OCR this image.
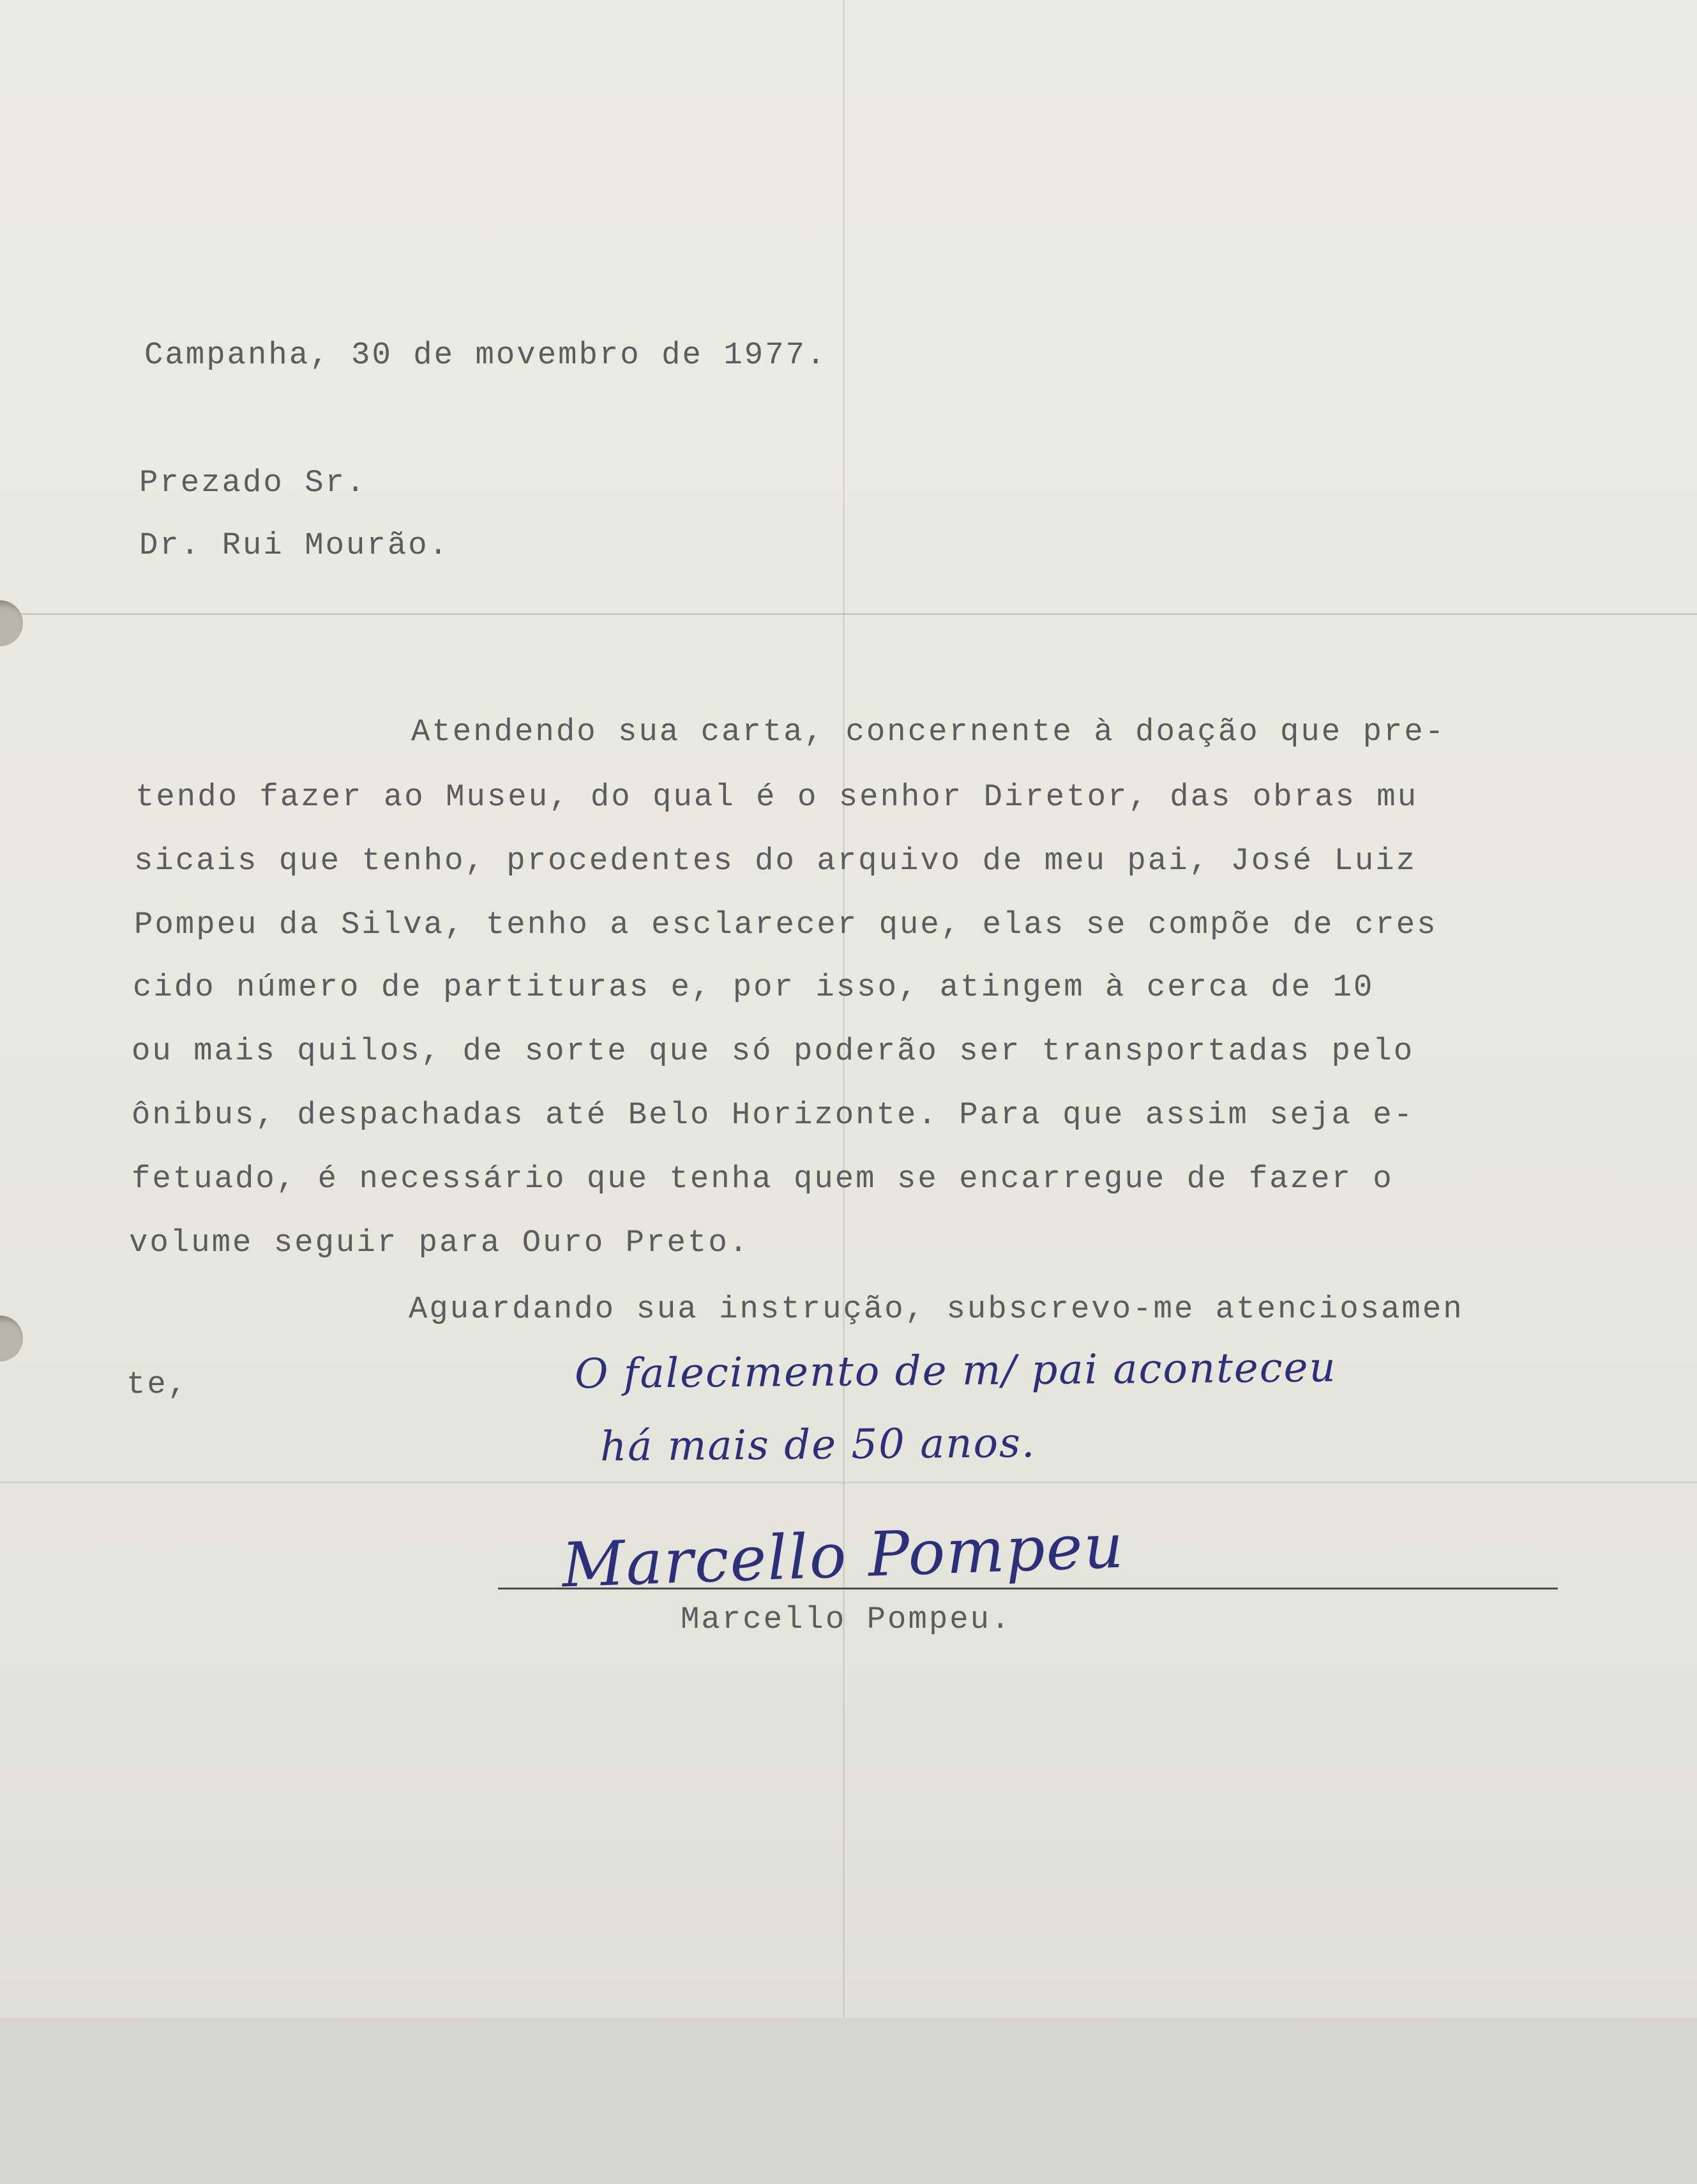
Campanha, 30 de movembro de 1977.
Prezado Sr.
Dr. Rui Mourão.
Atendendo sua carta, concernente à doação que pre-
tendo fazer ao Museu, do qual é o senhor Diretor, das obras mu
sicais que tenho, procedentes do arquivo de meu pai, José Luiz
Pompeu da Silva, tenho a esclarecer que, elas se compõe de cres
cido número de partituras e, por isso, atingem à cerca de 10
ou mais quilos, de sorte que só poderão ser transportadas pelo
ônibus, despachadas até Belo Horizonte. Para que assim seja e-
fetuado, é necessário que tenha quem se encarregue de fazer o
volume seguir para Ouro Preto.
Aguardando sua instrução, subscrevo-me atenciosamen
te,	O falecimento de m/ pai aconteceu
há mais de 50 anos.
Marcello Pompeu
Marcello Pompeu.
